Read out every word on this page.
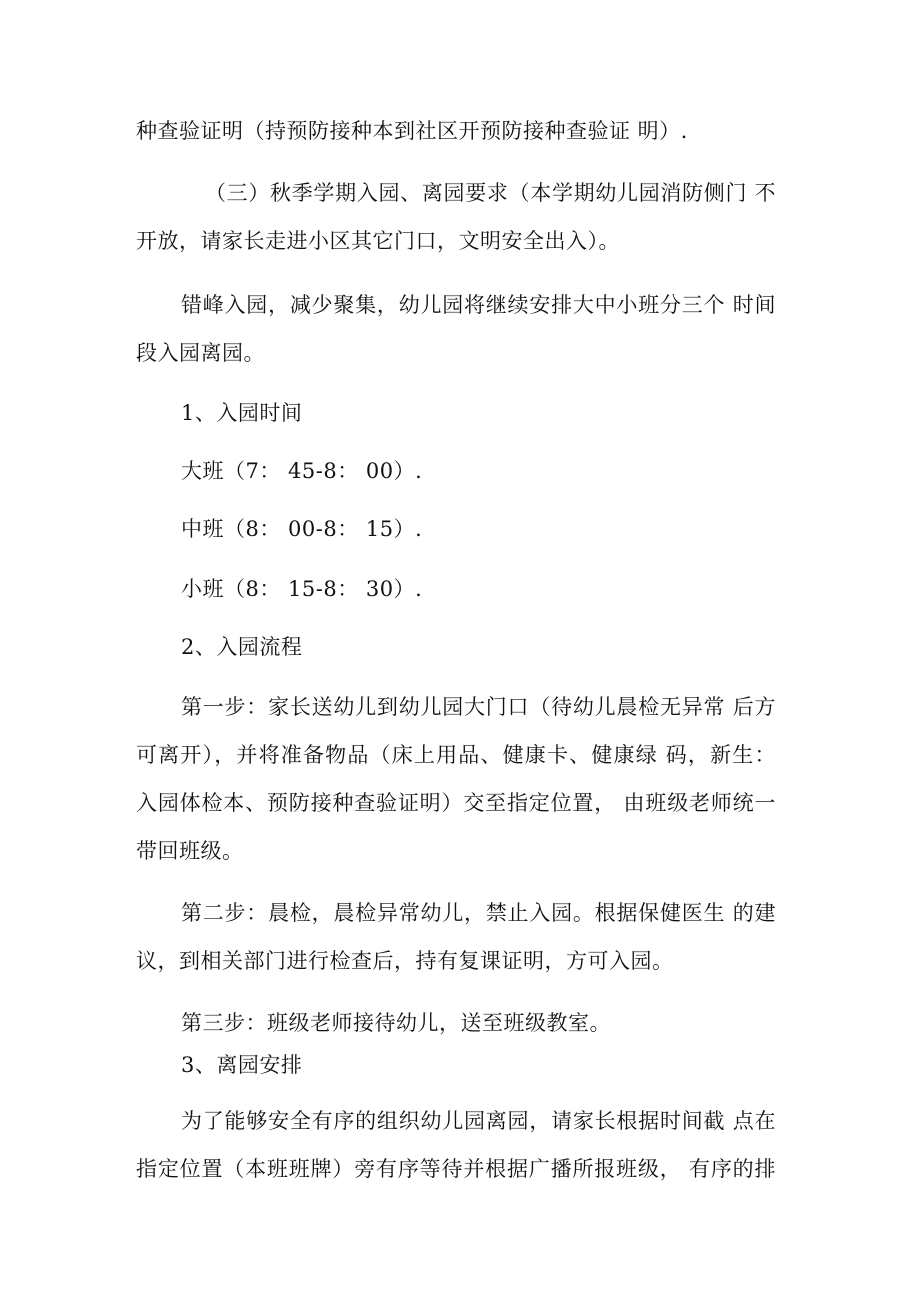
种查验证明（持预防接种本到社区开预防接种查验证 明）.
（三）秋季学期入园、离园要求（本学期幼儿园消防侧门 不
开放，请家长走进小区其它门口，文明安全出入）。
错峰入园，减少聚集，幼儿园将继续安排大中小班分三个 时间
段入园离园。
1、入园时间
大班（7： 45-8： 00）.
中班（8： 00-8： 15）.
小班（8： 15-8： 30）.
2、入园流程
第一步：家长送幼儿到幼儿园大门口（待幼儿晨检无异常 后方
可离开），并将准备物品（床上用品、健康卡、健康绿 码，新生：
入园体检本、预防接种查验证明）交至指定位置， 由班级老师统一
带回班级。
第二步：晨检，晨检异常幼儿，禁止入园。根据保健医生 的建
议，到相关部门进行检查后，持有复课证明，方可入园。
第三步：班级老师接待幼儿，送至班级教室。
3、离园安排
为了能够安全有序的组织幼儿园离园，请家长根据时间截 点在
指定位置（本班班牌）旁有序等待并根据广播所报班级， 有序的排
